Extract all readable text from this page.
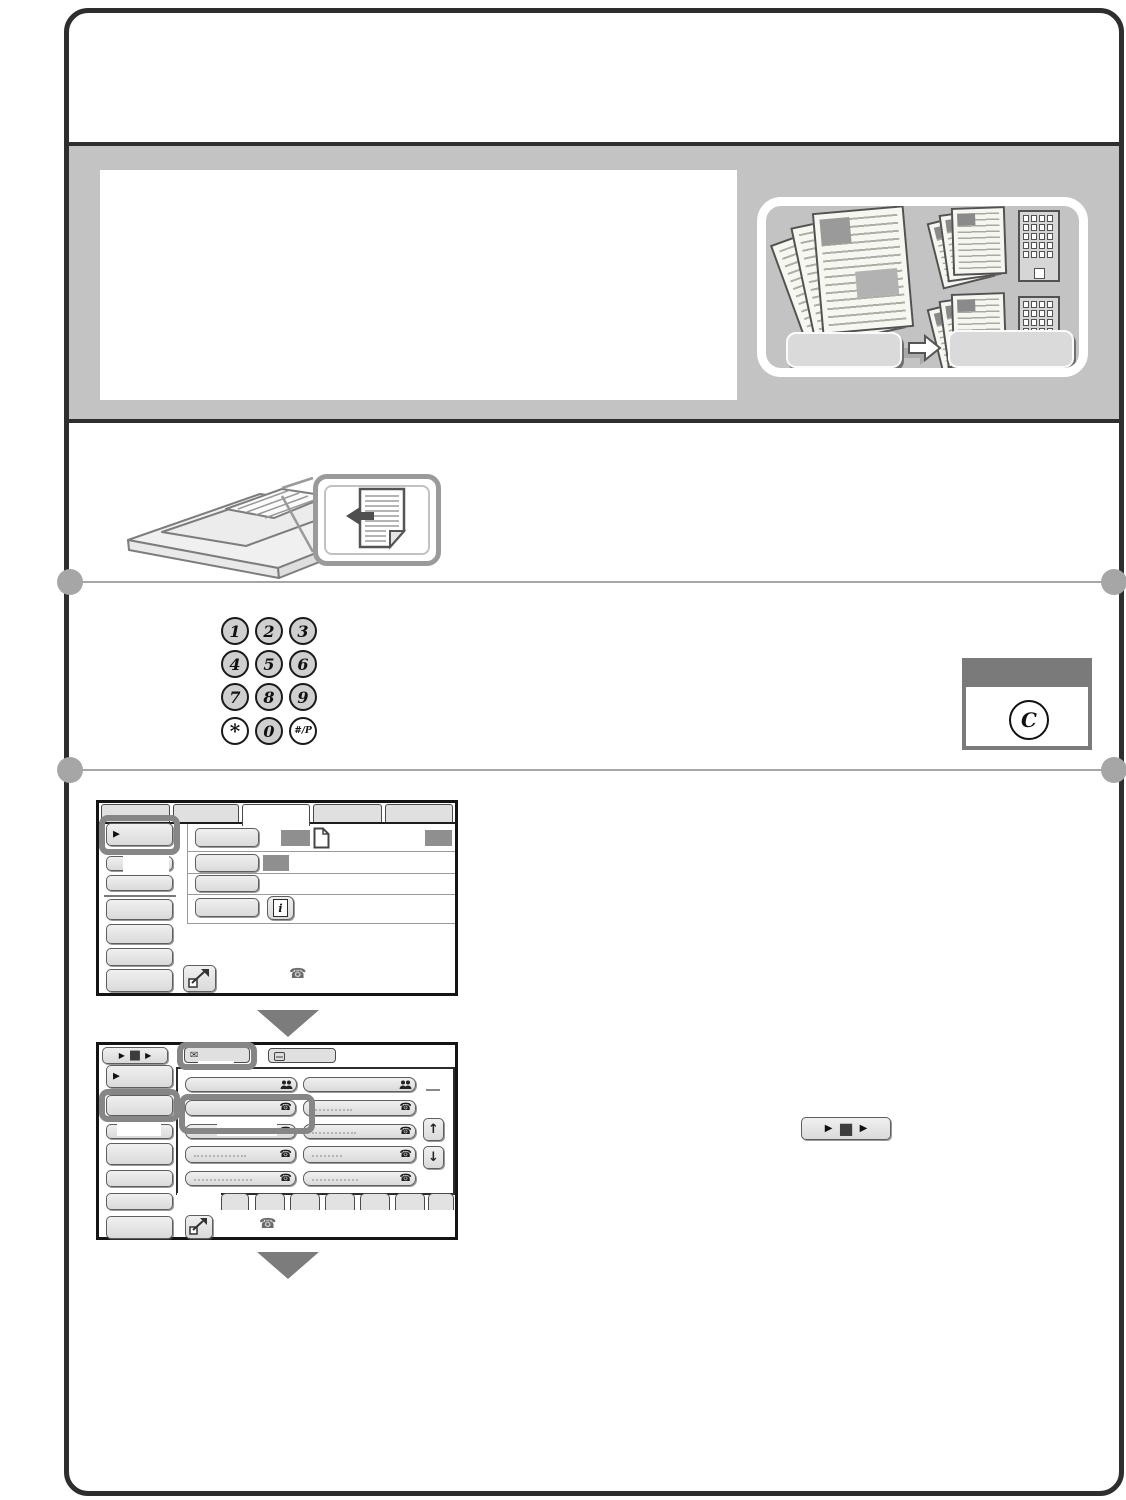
1	2	3
4	5	6
7	8	9
*	0	#/P	C
▶
i
☎
▶ ■ ▶	✉
☎	☎
☎	☎ ↑
☎	☎ ↓
☎	☎
▶
☎
▶ ■ ▶
